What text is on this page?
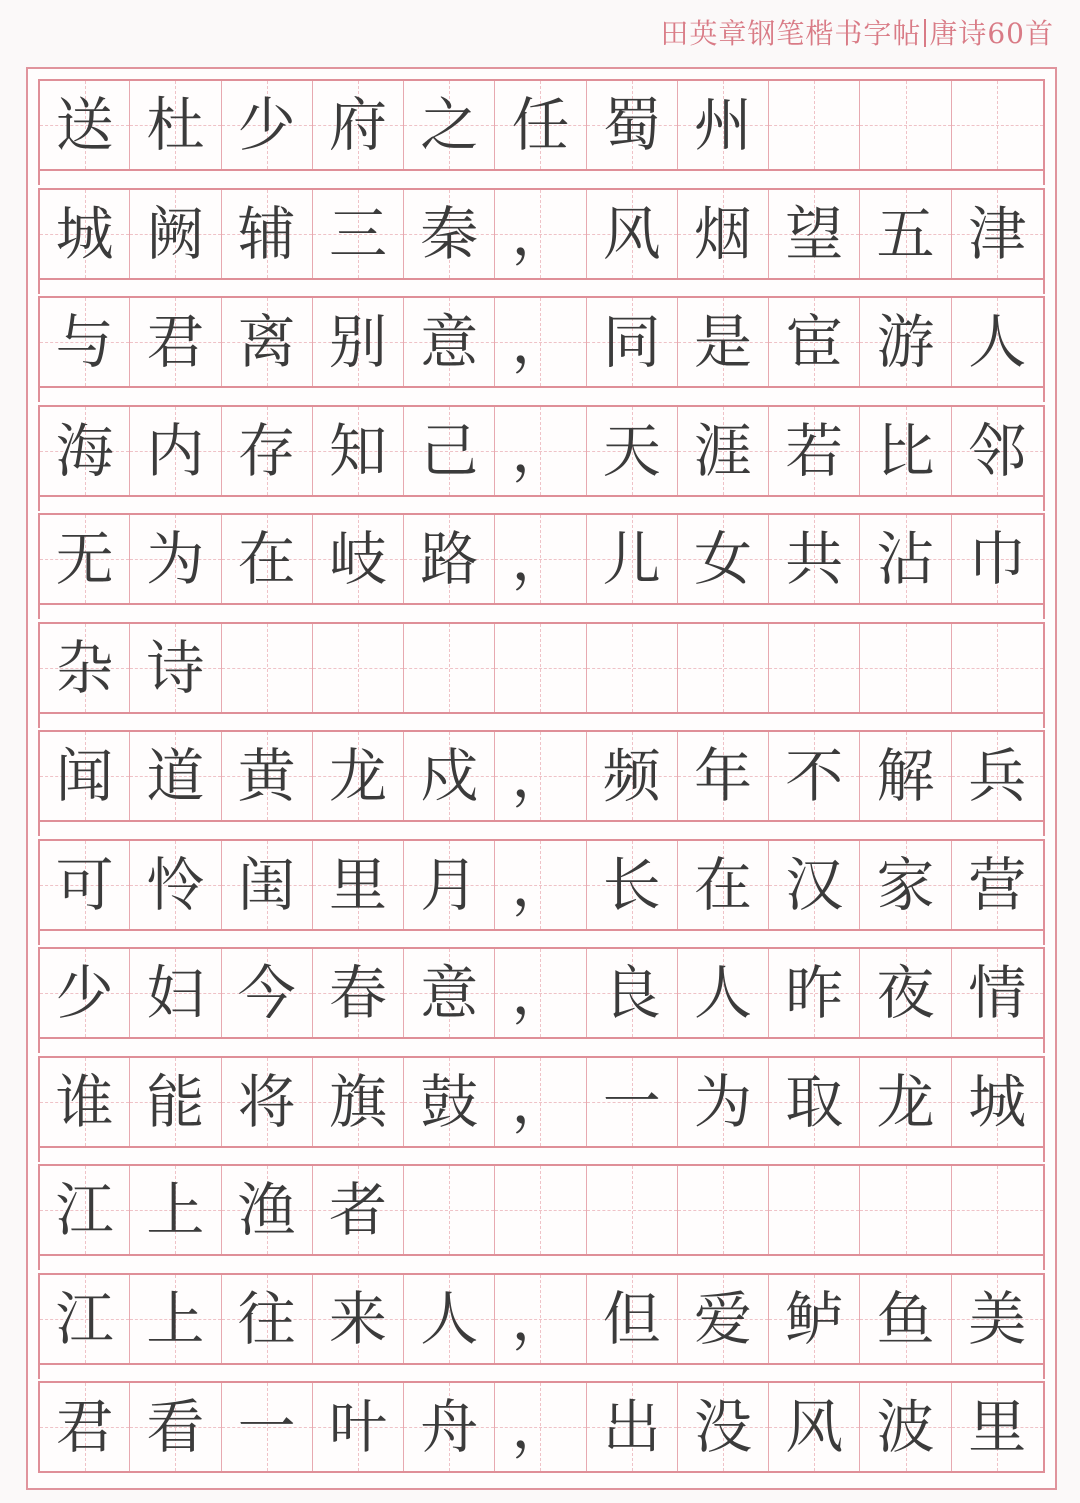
田英章钢笔楷书字帖 唐诗60首
送 杜 少 府 之 任 蜀 州
城 阙 辅 三 秦 ， 风 烟 望 五 津
与 君 离 别 意 ， 同 是 宦 游 人
海 内 存 知 己 ， 天 涯 若 比 邻
无 为 在 岐 路 ， 儿 女 共 沾 巾
杂 诗
闻 道 黄 龙 戍 ， 频 年 不 解 兵
可 怜 闺 里 月 ， 长 在 汉 家 营
少 妇 今 春 意 ， 良 人 昨 夜 情
谁 能 将 旗 鼓 ， 一 为 取 龙 城
江 上 渔 者
江 上 往 来 人 ， 但 爱 鲈 鱼 美
君 看 一 叶 舟 ， 出 没 风 波 里
